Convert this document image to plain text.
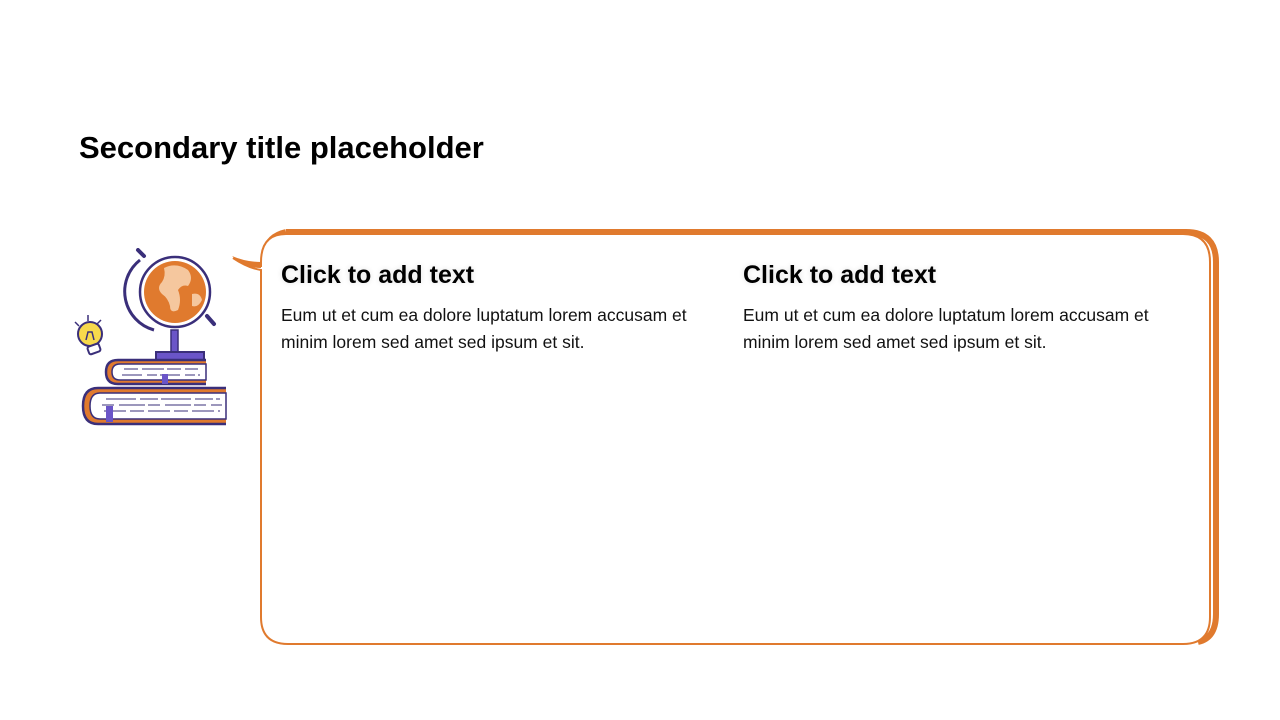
Secondary title placeholder
Click to add text

Eum ut et cum ea dolore luptatum lorem accusam et minim lorem sed amet sed ipsum et sit.

Click to add text

Eum ut et cum ea dolore luptatum lorem accusam et minim lorem sed amet sed ipsum et sit.
